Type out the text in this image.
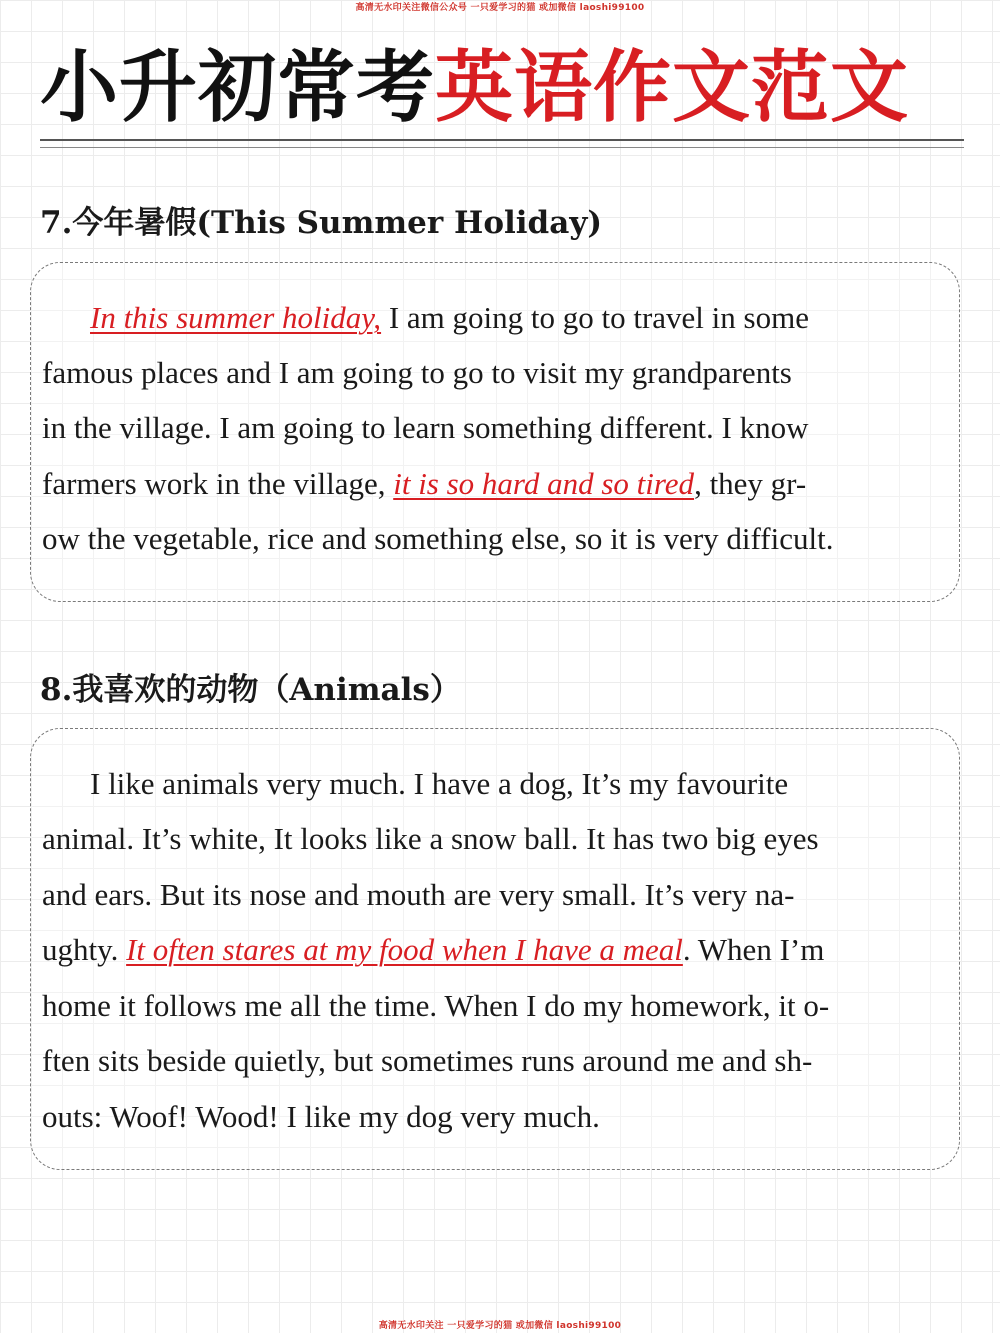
高清无水印关注微信公众号 一只爱学习的猫 或加微信 laoshi99100
小升初常考英语作文范文
7.今年暑假(This Summer Holiday)
In this summer holiday, I am going to go to travel in some
famous places and I am going to go to visit my grandparents
in the village. I am going to learn something different. I know
farmers work in the village, it is so hard and so tired, they gr-
ow the vegetable, rice and something else, so it is very difficult.
8.我喜欢的动物（Animals）
I like animals very much. I have a dog, It’s my favourite
animal. It’s white, It looks like a snow ball. It has two big eyes
and ears. But its nose and mouth are very small. It’s very na-
ughty. It often stares at my food when I have a meal. When I’m
home it follows me all the time. When I do my homework, it o-
ften sits beside quietly, but sometimes runs around me and sh-
outs: Woof! Wood! I like my dog very much.
高清无水印关注 一只爱学习的猫 或加微信 laoshi99100
